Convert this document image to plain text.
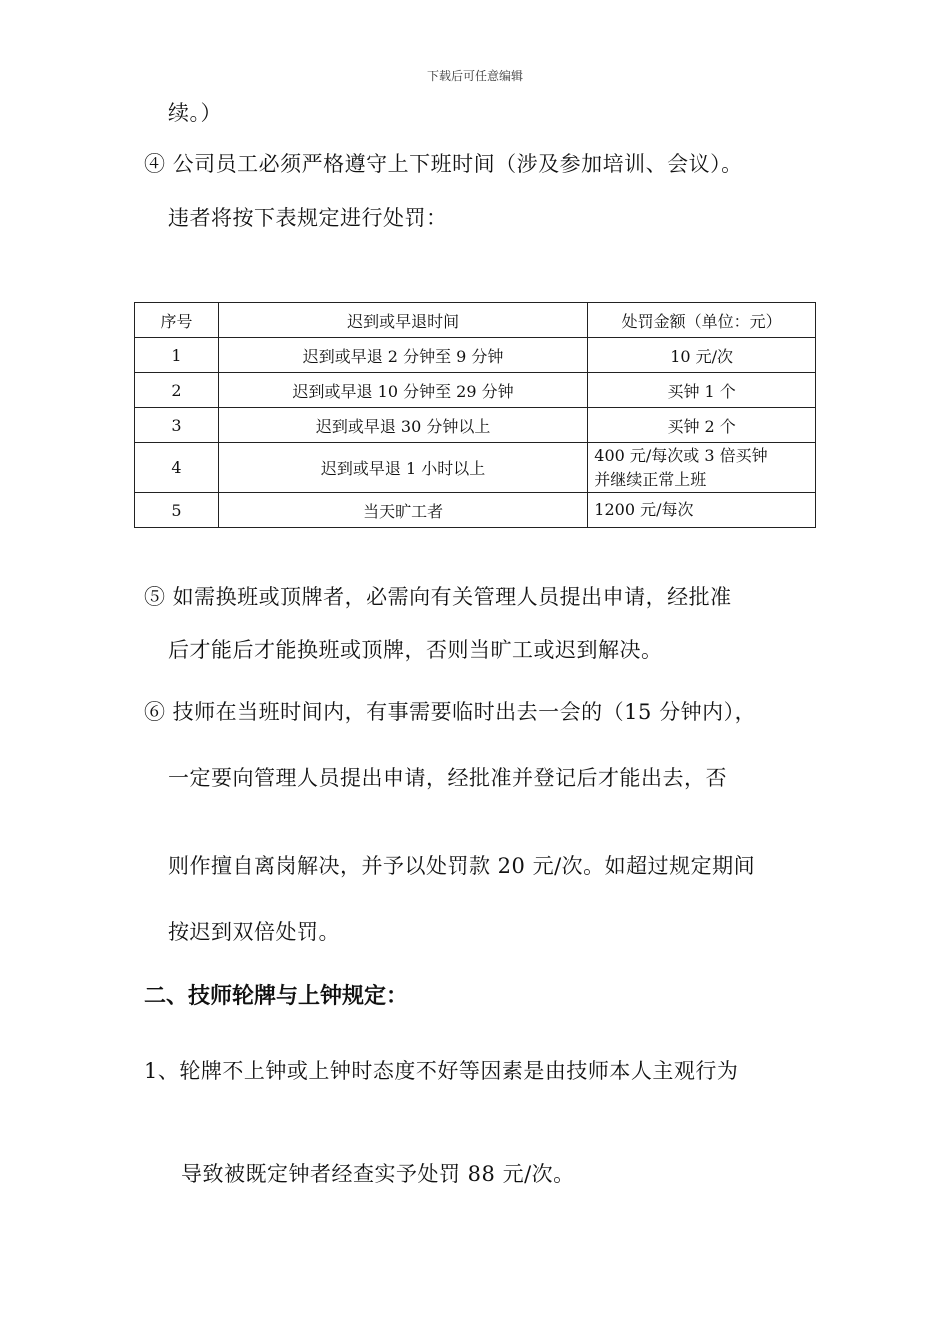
下载后可任意编辑
续。）
④ 公司员工必须严格遵守上下班时间（涉及参加培训、会议）。
违者将按下表规定进行处罚：
序号	迟到或早退时间	处罚金额（单位：元）
1	迟到或早退 2 分钟至 9 分钟	10 元/次
2	迟到或早退 10 分钟至 29 分钟	买钟 1 个
3	迟到或早退 30 分钟以上	买钟 2 个
4	迟到或早退 1 小时以上	400 元/每次或 3 倍买钟
并继续正常上班

5	当天旷工者	1200 元/每次
⑤ 如需换班或顶牌者，必需向有关管理人员提出申请，经批准
后才能后才能换班或顶牌，否则当旷工或迟到解决。
⑥ 技师在当班时间内，有事需要临时出去一会的（15 分钟内），
一定要向管理人员提出申请，经批准并登记后才能出去，否
则作擅自离岗解决，并予以处罚款 20 元/次。如超过规定期间
按迟到双倍处罚。
二、技师轮牌与上钟规定：
1、轮牌不上钟或上钟时态度不好等因素是由技师本人主观行为
导致被既定钟者经查实予处罚 88 元/次。
